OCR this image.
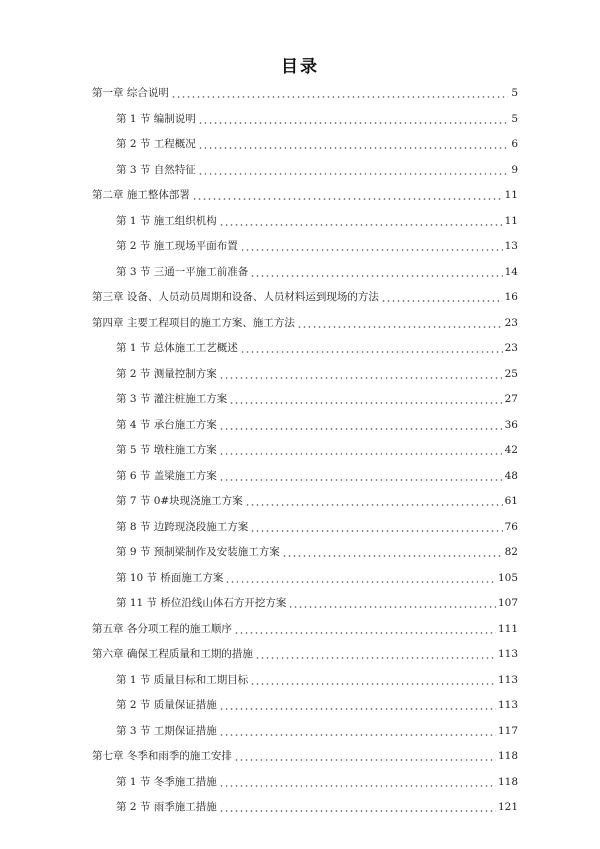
目录
第一章 综合说明	5
第 1 节 编制说明	5
第 2 节 工程概况	6
第 3 节 自然特征	9
第二章 施工整体部署	11
第 1 节 施工组织机构	11
第 2 节 施工现场平面布置	13
第 3 节 三通一平施工前准备	14
第三章 设备、人员动员周期和设备、人员材料运到现场的方法	16
第四章 主要工程项目的施工方案、施工方法	23
第 1 节 总体施工工艺概述	23
第 2 节 测量控制方案	25
第 3 节 灌注桩施工方案	27
第 4 节 承台施工方案	36
第 5 节 墩柱施工方案	42
第 6 节 盖梁施工方案	48
第 7 节 0#块现浇施工方案	61
第 8 节 边跨现浇段施工方案	76
第 9 节 预制梁制作及安装施工方案	82
第 10 节 桥面施工方案	105
第 11 节 桥位沿线山体石方开挖方案	107
第五章 各分项工程的施工顺序	111
第六章 确保工程质量和工期的措施	113
第 1 节 质量目标和工期目标	113
第 2 节 质量保证措施	113
第 3 节 工期保证措施	117
第七章 冬季和雨季的施工安排	118
第 1 节 冬季施工措施	118
第 2 节 雨季施工措施	121
